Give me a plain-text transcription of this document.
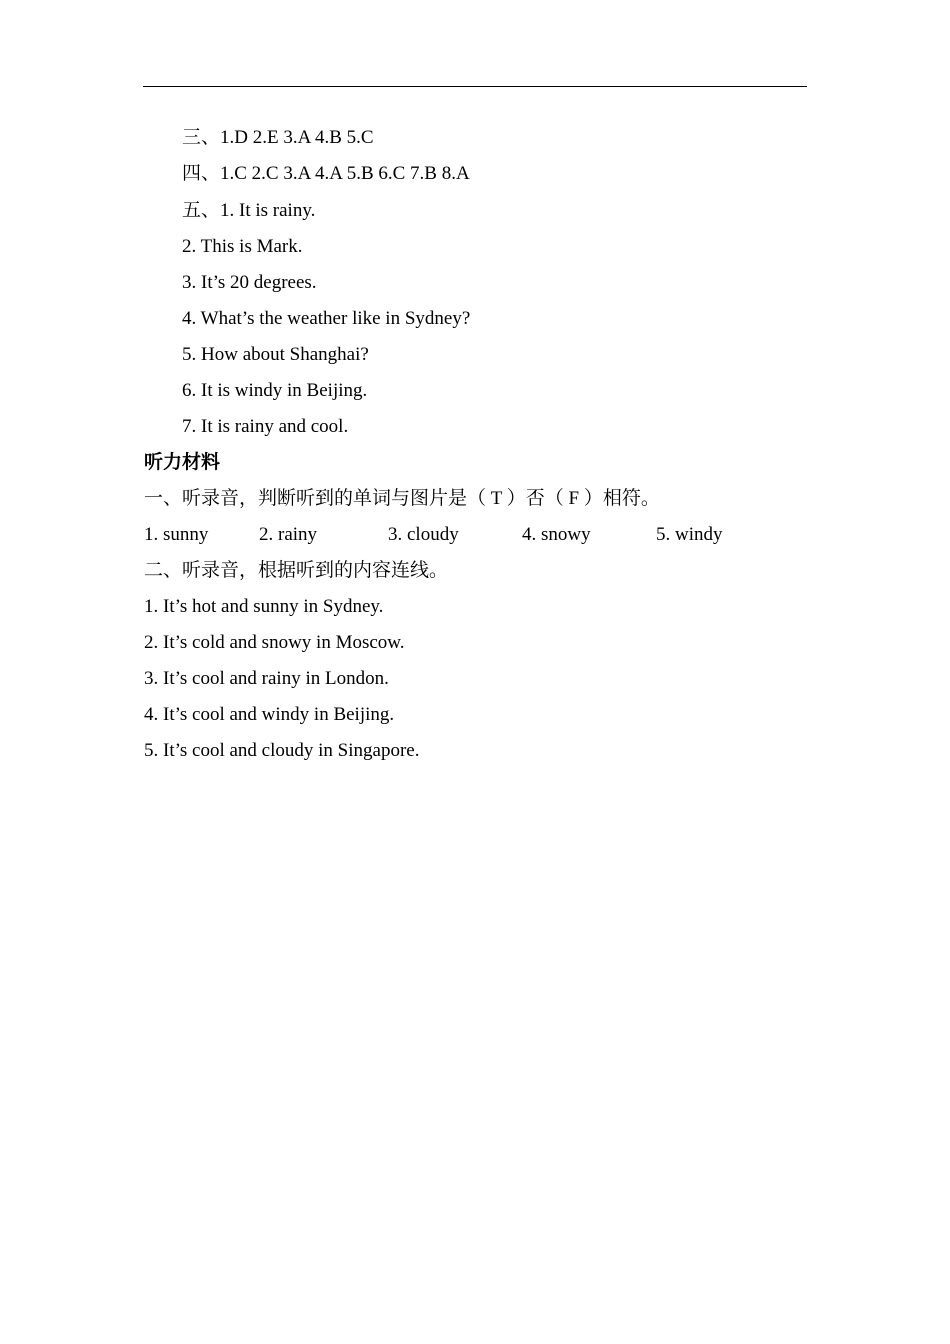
三、1.D 2.E 3.A 4.B 5.C
四、1.C 2.C 3.A 4.A 5.B 6.C 7.B 8.A
五、1. It is rainy.
2. This is Mark.
3. It’s 20 degrees.
4. What’s the weather like in Sydney?
5. How about Shanghai?
6. It is windy in Beijing.
7. It is rainy and cool.
听力材料
一、听录音，判断听到的单词与图片是（ T ）否（ F ）相符。
1. sunny	2. rainy	3. cloudy	4. snowy	5. windy
二、听录音，根据听到的内容连线。
1. It’s hot and sunny in Sydney.
2. It’s cold and snowy in Moscow.
3. It’s cool and rainy in London.
4. It’s cool and windy in Beijing.
5. It’s cool and cloudy in Singapore.
